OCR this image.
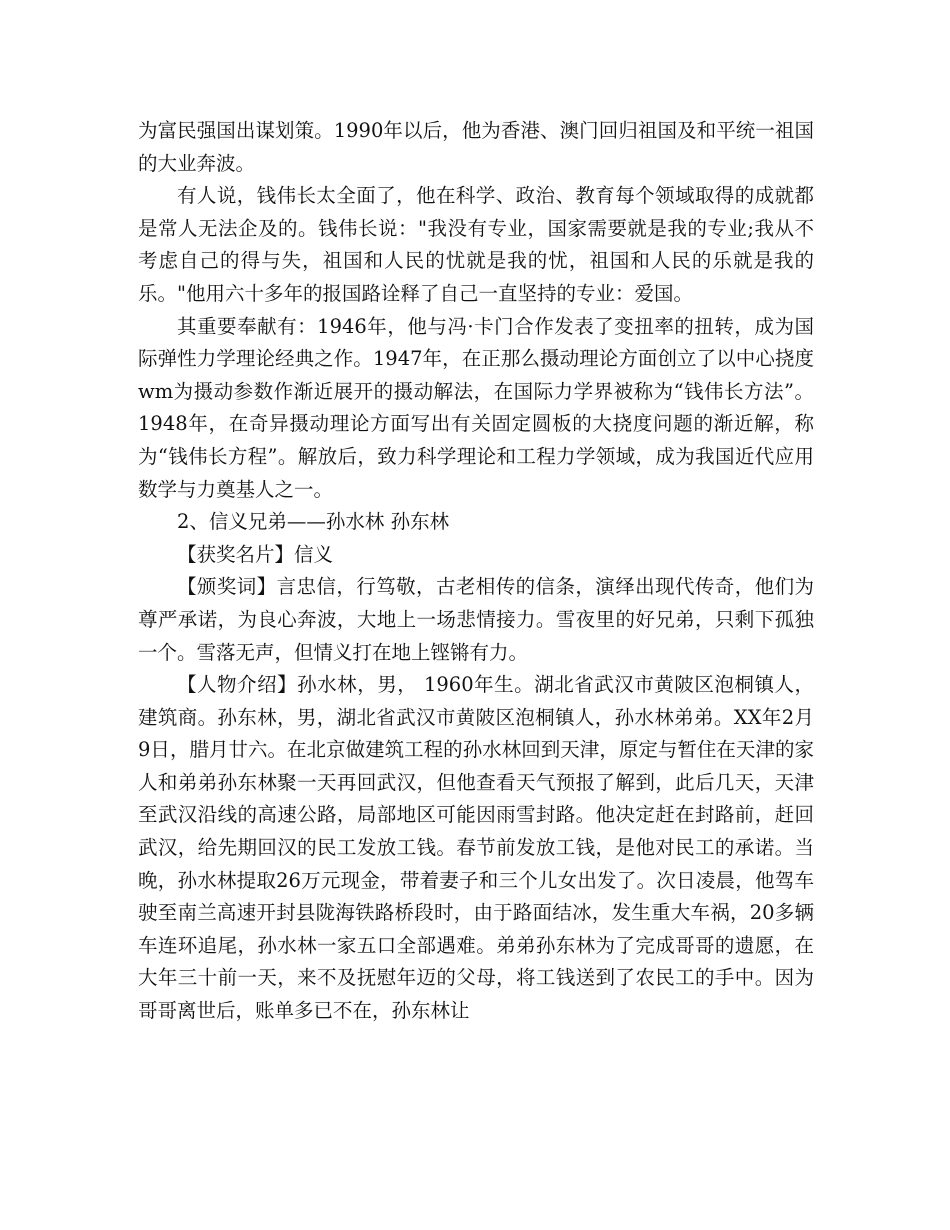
为富民强国出谋划策。1990年以后，他为香港、澳门回归祖国及和平统一祖国的大业奔波。

有人说，钱伟长太全面了，他在科学、政治、教育每个领域取得的成就都是常人无法企及的。钱伟长说："我没有专业，国家需要就是我的专业;我从不考虑自己的得与失，祖国和人民的忧就是我的忧，祖国和人民的乐就是我的乐。"他用六十多年的报国路诠释了自己一直坚持的专业：爱国。

其重要奉献有：1946年，他与冯·卡门合作发表了变扭率的扭转，成为国际弹性力学理论经典之作。1947年，在正那么摄动理论方面创立了以中心挠度wm为摄动参数作渐近展开的摄动解法，在国际力学界被称为“钱伟长方法”。1948年，在奇异摄动理论方面写出有关固定圆板的大挠度问题的渐近解，称为“钱伟长方程”。解放后，致力科学理论和工程力学领域，成为我国近代应用数学与力奠基人之一。

2、信义兄弟——孙水林 孙东林

【获奖名片】信义

【颁奖词】言忠信，行笃敬，古老相传的信条，演绎出现代传奇，他们为尊严承诺，为良心奔波，大地上一场悲情接力。雪夜里的好兄弟，只剩下孤独一个。雪落无声，但情义打在地上铿锵有力。

【人物介绍】孙水林，男， 1960年生。湖北省武汉市黄陂区泡桐镇人，建筑商。孙东林，男，湖北省武汉市黄陂区泡桐镇人，孙水林弟弟。XX年2月9日，腊月廿六。在北京做建筑工程的孙水林回到天津，原定与暂住在天津的家人和弟弟孙东林聚一天再回武汉，但他查看天气预报了解到，此后几天，天津至武汉沿线的高速公路，局部地区可能因雨雪封路。他决定赶在封路前，赶回武汉，给先期回汉的民工发放工钱。春节前发放工钱，是他对民工的承诺。当晚，孙水林提取26万元现金，带着妻子和三个儿女出发了。次日凌晨，他驾车驶至南兰高速开封县陇海铁路桥段时，由于路面结冰，发生重大车祸，20多辆车连环追尾，孙水林一家五口全部遇难。弟弟孙东林为了完成哥哥的遗愿，在大年三十前一天，来不及抚慰年迈的父母，将工钱送到了农民工的手中。因为哥哥离世后，账单多已不在，孙东林让
